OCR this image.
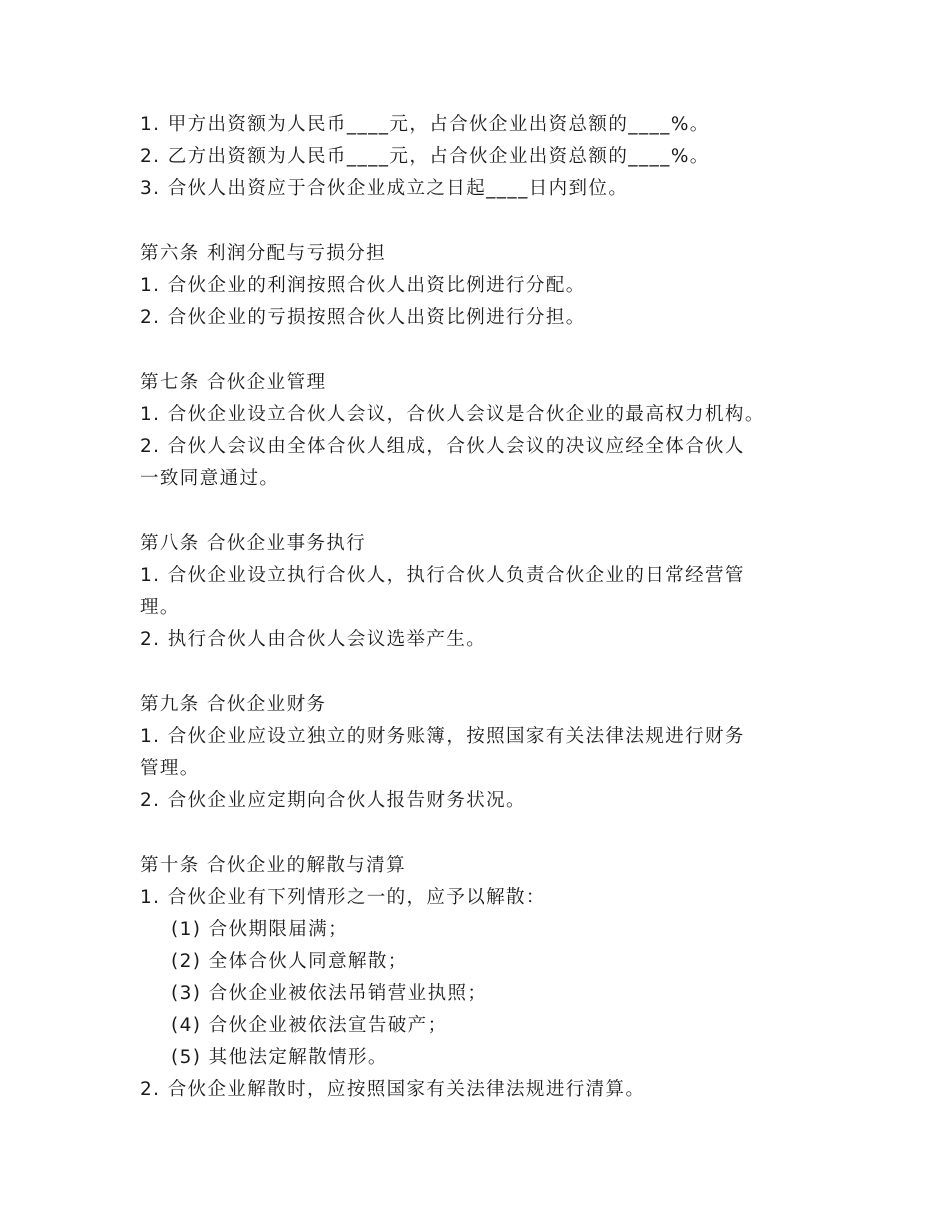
1. 甲方出资额为人民币____元，占合伙企业出资总额的____%。
2. 乙方出资额为人民币____元，占合伙企业出资总额的____%。
3. 合伙人出资应于合伙企业成立之日起____日内到位。
第六条 利润分配与亏损分担
1. 合伙企业的利润按照合伙人出资比例进行分配。
2. 合伙企业的亏损按照合伙人出资比例进行分担。
第七条 合伙企业管理
1. 合伙企业设立合伙人会议，合伙人会议是合伙企业的最高权力机构。
2. 合伙人会议由全体合伙人组成，合伙人会议的决议应经全体合伙人
一致同意通过。
第八条 合伙企业事务执行
1. 合伙企业设立执行合伙人，执行合伙人负责合伙企业的日常经营管
理。
2. 执行合伙人由合伙人会议选举产生。
第九条 合伙企业财务
1. 合伙企业应设立独立的财务账簿，按照国家有关法律法规进行财务
管理。
2. 合伙企业应定期向合伙人报告财务状况。
第十条 合伙企业的解散与清算
1. 合伙企业有下列情形之一的，应予以解散：
(1) 合伙期限届满；
(2) 全体合伙人同意解散；
(3) 合伙企业被依法吊销营业执照；
(4) 合伙企业被依法宣告破产；
(5) 其他法定解散情形。
2. 合伙企业解散时，应按照国家有关法律法规进行清算。
